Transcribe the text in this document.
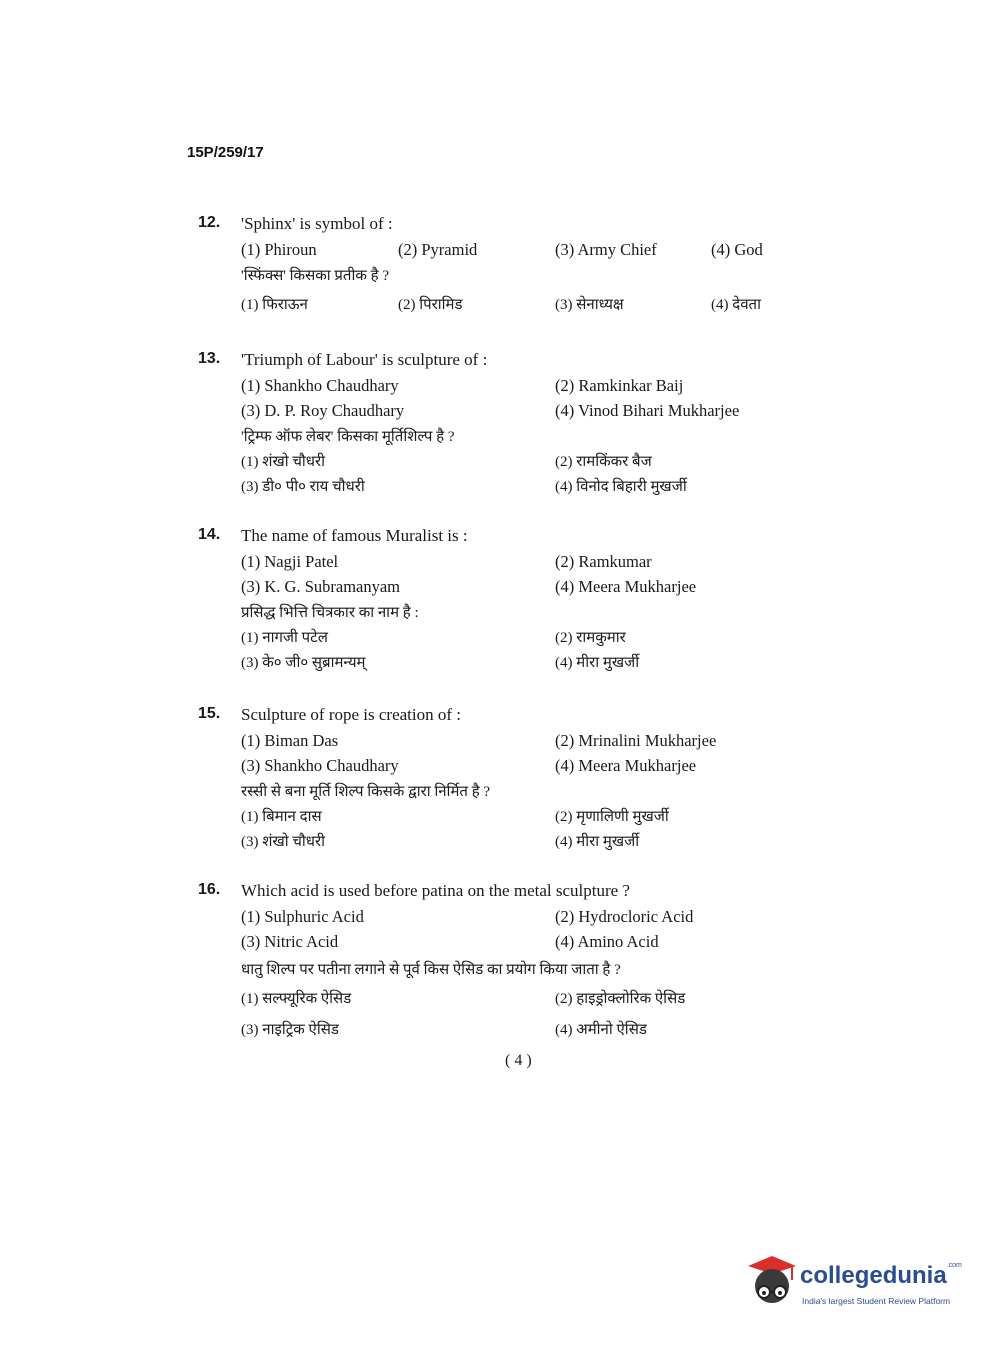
15P/259/17
12. 'Sphinx' is symbol of :
(1) Phiroun	(2) Pyramid	(3) Army Chief	(4) God
'स्फिंक्स' किसका प्रतीक है ?
(1) फिराऊन	(2) पिरामिड	(3) सेनाध्यक्ष	(4) देवता
13. 'Triumph of Labour' is sculpture of :
(1) Shankho Chaudhary	(2) Ramkinkar Baij
(3) D. P. Roy Chaudhary	(4) Vinod Bihari Mukharjee
'ट्रिम्फ ऑफ लेबर' किसका मूर्तिशिल्प है ?
(1) शंखो चौधरी	(2) रामकिंकर बैज
(3) डी० पी० राय चौधरी	(4) विनोद बिहारी मुखर्जी
14. The name of famous Muralist is :
(1) Nagji Patel	(2) Ramkumar
(3) K. G. Subramanyam	(4) Meera Mukharjee
प्रसिद्ध भित्ति चित्रकार का नाम है :
(1) नागजी पटेल	(2) रामकुमार
(3) के० जी० सुब्रामन्यम्	(4) मीरा मुखर्जी
15. Sculpture of rope is creation of :
(1) Biman Das	(2) Mrinalini Mukharjee
(3) Shankho Chaudhary	(4) Meera Mukharjee
रस्सी से बना मूर्ति शिल्प किसके द्वारा निर्मित है ?
(1) बिमान दास	(2) मृणालिणी मुखर्जी
(3) शंखो चौधरी	(4) मीरा मुखर्जी
16. Which acid is used before patina on the metal sculpture ?
(1) Sulphuric Acid	(2) Hydrocloric Acid
(3) Nitric Acid	(4) Amino Acid
धातु शिल्प पर पतीना लगाने से पूर्व किस ऐसिड का प्रयोग किया जाता है ?
(1) सल्फ्यूरिक ऐसिड	(2) हाइड्रोक्लोरिक ऐसिड
(3) नाइट्रिक ऐसिड	(4) अमीनो ऐसिड
( 4 )
collegedunia$^{.com}$
India's largest Student Review Platform
